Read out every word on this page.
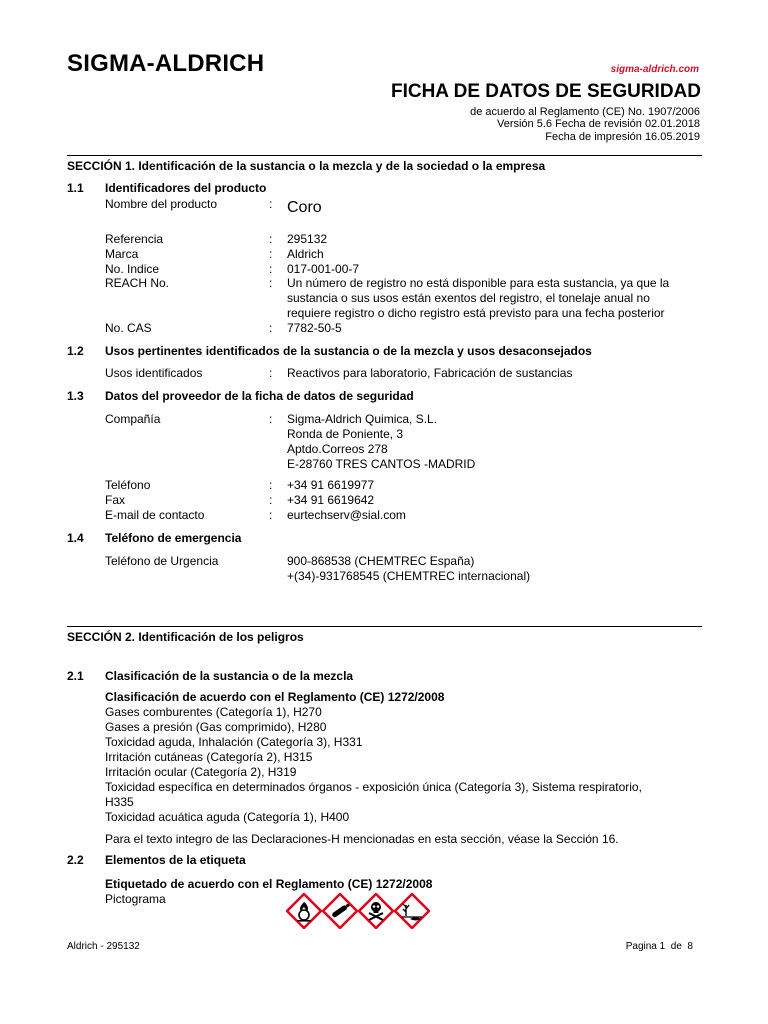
SIGMA-ALDRICH	sigma-aldrich.com
FICHA DE DATOS DE SEGURIDAD
de acuerdo al Reglamento (CE) No. 1907/2006
Versión 5.6 Fecha de revisión 02.01.2018
Fecha de impresión 16.05.2019
SECCIÓN 1. Identificación de la sustancia o la mezcla y de la sociedad o la empresa
1.1 Identificadores del producto
Nombre del producto	: Coro
Referencia	: 295132
Marca	: Aldrich
No. Indice	: 017-001-00-7
REACH No.	: Un número de registro no está disponible para esta sustancia, ya que la
sustancia o sus usos están exentos del registro, el tonelaje anual no
requiere registro o dicho registro está previsto para una fecha posterior
No. CAS	: 7782-50-5
1.2 Usos pertinentes identificados de la sustancia o de la mezcla y usos desaconsejados
Usos identificados	: Reactivos para laboratorio, Fabricación de sustancias
1.3 Datos del proveedor de la ficha de datos de seguridad
Compañía	: Sigma-Aldrich Quimica, S.L.
Ronda de Poniente, 3
Aptdo.Correos 278
E-28760 TRES CANTOS -MADRID
Teléfono	: +34 91 6619977
Fax	: +34 91 6619642
E-mail de contacto	: eurtechserv@sial.com
1.4 Teléfono de emergencia
Teléfono de Urgencia	900-868538 (CHEMTREC España)
+(34)-931768545 (CHEMTREC internacional)
SECCIÓN 2. Identificación de los peligros
2.1 Clasificación de la sustancia o de la mezcla
Clasificación de acuerdo con el Reglamento (CE) 1272/2008
Gases comburentes (Categoría 1), H270
Gases a presión (Gas comprimido), H280
Toxicidad aguda, Inhalación (Categoría 3), H331
Irritación cutáneas (Categoría 2), H315
Irritación ocular (Categoría 2), H319
Toxicidad específica en determinados órganos - exposición única (Categoría 3), Sistema respiratorio,
H335
Toxicidad acuática aguda (Categoría 1), H400
Para el texto integro de las Declaraciones-H mencionadas en esta sección, véase la Sección 16.
2.2 Elementos de la etiqueta
Etiquetado de acuerdo con el Reglamento (CE) 1272/2008
Pictograma
Aldrich - 295132	Pagina 1  de  8
